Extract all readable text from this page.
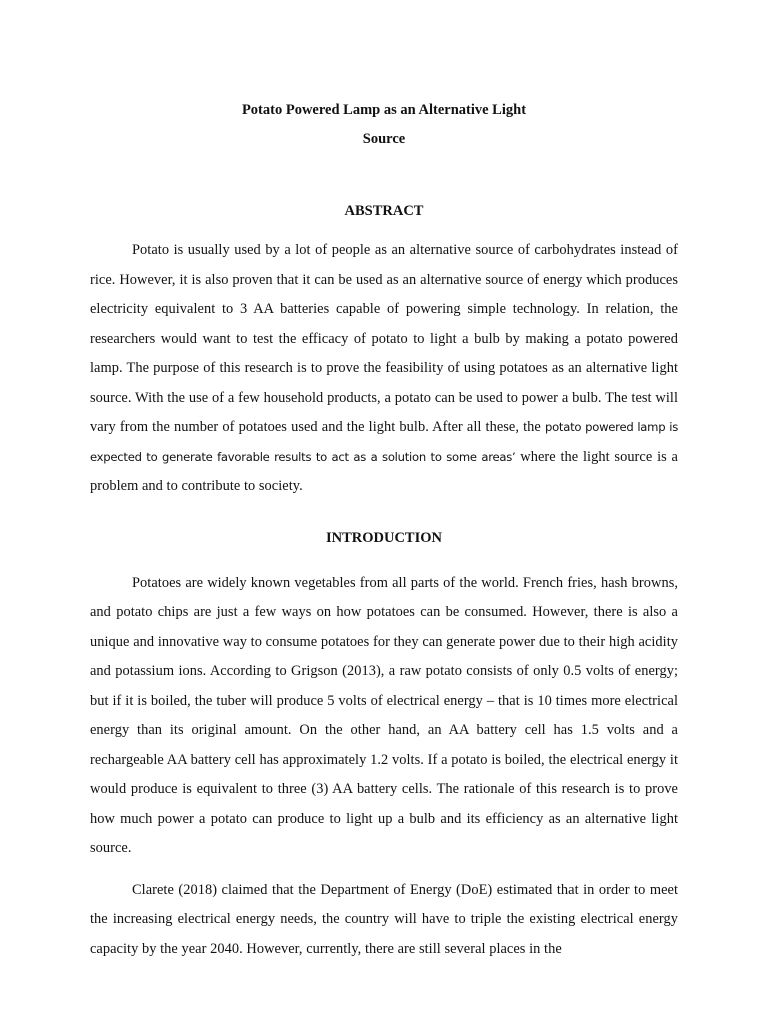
Potato Powered Lamp as an Alternative Light
Source

ABSTRACT

Potato is usually used by a lot of people as an alternative source of carbohydrates instead of rice. However, it is also proven that it can be used as an alternative source of energy which produces electricity equivalent to 3 AA batteries capable of powering simple technology. In relation, the researchers would want to test the efficacy of potato to light a bulb by making a potato powered lamp. The purpose of this research is to prove the feasibility of using potatoes as an alternative light source. With the use of a few household products, a potato can be used to power a bulb. The test will vary from the number of potatoes used and the light bulb. After all these, the potato powered lamp is expected to generate favorable results to act as a solution to some areas’ where the light source is a problem and to contribute to society.

INTRODUCTION

Potatoes are widely known vegetables from all parts of the world. French fries, hash browns, and potato chips are just a few ways on how potatoes can be consumed. However, there is also a unique and innovative way to consume potatoes for they can generate power due to their high acidity and potassium ions. According to Grigson (2013), a raw potato consists of only 0.5 volts of energy; but if it is boiled, the tuber will produce 5 volts of electrical energy – that is 10 times more electrical energy than its original amount. On the other hand, an AA battery cell has 1.5 volts and a rechargeable AA battery cell has approximately 1.2 volts. If a potato is boiled, the electrical energy it would produce is equivalent to three (3) AA battery cells. The rationale of this research is to prove how much power a potato can produce to light up a bulb and its efficiency as an alternative light source.

Clarete (2018) claimed that the Department of Energy (DoE) estimated that in order to meet the increasing electrical energy needs, the country will have to triple the existing electrical energy capacity by the year 2040. However, currently, there are still several places in the
